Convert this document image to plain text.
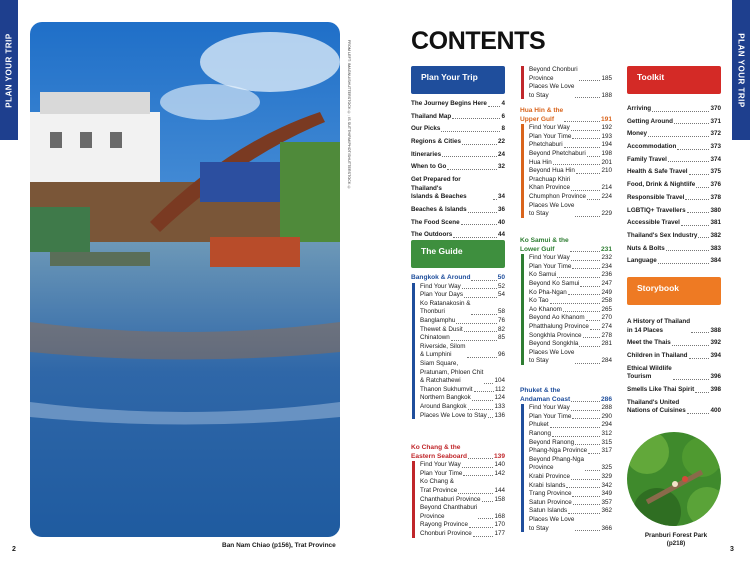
PLAN YOUR TRIP	FROM LEFT: IMAGNU/SHUTTERSTOCK ©; IS SUTTHIPAKPHOT/SHUTTERSTOCK ©
Ban Nam Chiao (p156), Trat Province
2
CONTENTS	PLAN YOUR TRIP
Plan Your Trip
The Journey Begins Here 4
Thailand Map	6
Our Picks	8
Regions & Cities	22
Itineraries	24
When to Go	32
Get Prepared for Thailand's
Islands & Beaches	34
Beaches & Islands	36
The Food Scene	40
The Outdoors	44
The Guide
Bangkok & Around	50
Find Your Way	52
Plan Your Days	54
Ko Ratanakosin &
Thonburi	58
Banglamphu	76
Thewet & Dusit	82
Chinatown	85
Riverside, Silom
& Lumphini	96
Siam Square,
Pratunam, Phloen Chit
& Ratchathewi	104
Thanon Sukhumvit	112
Northern Bangkok	124
Around Bangkok	133
Places We Love to Stay 136
Ko Chang & the
Eastern Seaboard	139
Find Your Way	140
Plan Your Time	142
Ko Chang &
Trat Province	144
Chanthaburi Province 158
Beyond Chanthaburi
Province	168
Rayong Province	170
Chonburi Province	177
Beyond Chonburi
Province	185
Places We Love
to Stay	188
Hua Hin & the
Upper Gulf	191
Find Your Way	192
Plan Your Time	193
Phetchaburi	194
Beyond Phetchaburi	198
Hua Hin	201
Beyond Hua Hin	210
Prachuap Khiri
Khan Province	214
Chumphon Province 224
Places We Love
to Stay	229
Ko Samui & the
Lower Gulf	231
Find Your Way	232
Plan Your Time	234
Ko Samui	236
Beyond Ko Samui	247
Ko Pha-Ngan	249
Ko Tao	258
Ao Khanom	265
Beyond Ao Khanom	270
Phatthalung Province 274
Songkhla Province	278
Beyond Songkhla	281
Places We Love
to Stay	284
Phuket & the
Andaman Coast	286
Find Your Way	288
Plan Your Time	290
Phuket	294
Ranong	312
Beyond Ranong	315
Phang-Nga Province 317
Beyond Phang-Nga
Province	325
Krabi Province	329
Krabi Islands	342
Trang Province	349
Satun Province	357
Satun Islands	362
Places We Love
to Stay	366
Toolkit
Arriving	370
Getting Around	371
Money	372
Accommodation	373
Family Travel	374
Health & Safe Travel	375
Food, Drink & Nightlife 376
Responsible Travel	378
LGBTIQ+ Travellers	380
Accessible Travel	381
Thailand's Sex Industry 382
Nuts & Bolts	383
Language	384
Storybook
A History of Thailand
in 14 Places	388
Meet the Thais	392
Children in Thailand	394
Ethical Wildlife
Tourism	396
Smells Like Thai Spirit	398
Thailand's United
Nations of Cuisines	400
Pranburi Forest Park
(p218)
3
